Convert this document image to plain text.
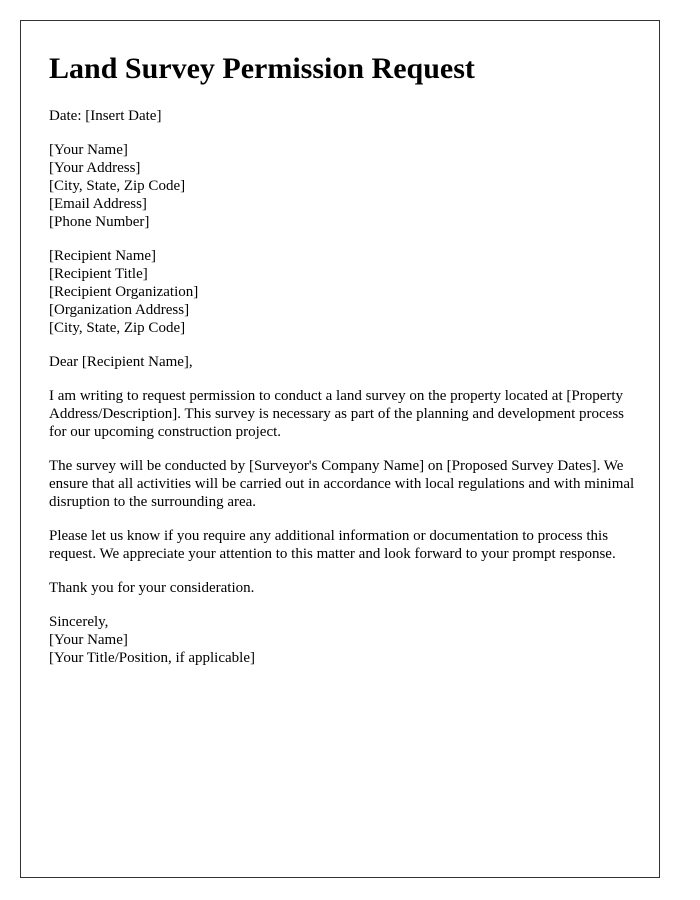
Land Survey Permission Request
Date: [Insert Date]
[Your Name]
[Your Address]
[City, State, Zip Code]
[Email Address]
[Phone Number]
[Recipient Name]
[Recipient Title]
[Recipient Organization]
[Organization Address]
[City, State, Zip Code]

Dear [Recipient Name],

I am writing to request permission to conduct a land survey on the property located at [Property Address/Description]. This survey is necessary as part of the planning and development process for our upcoming construction project.

The survey will be conducted by [Surveyor's Company Name] on [Proposed Survey Dates]. We ensure that all activities will be carried out in accordance with local regulations and with minimal disruption to the surrounding area.

Please let us know if you require any additional information or documentation to process this request. We appreciate your attention to this matter and look forward to your prompt response.

Thank you for your consideration.

Sincerely,
[Your Name]
[Your Title/Position, if applicable]
